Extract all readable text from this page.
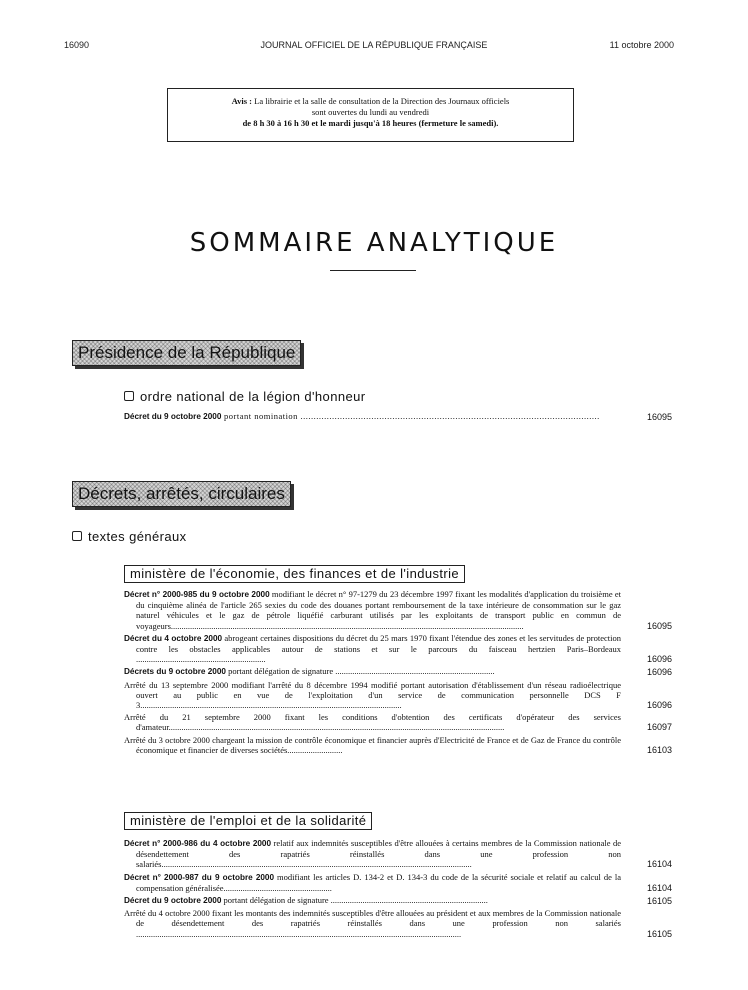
16090	JOURNAL OFFICIEL DE LA RÉPUBLIQUE FRANÇAISE	11 octobre 2000
Avis : La librairie et la salle de consultation de la Direction des Journaux officiels
sont ouvertes du lundi au vendredi
de 8 h 30 à 16 h 30 et le mardi jusqu'à 18 heures (fermeture le samedi).
SOMMAIRE ANALYTIQUE
Présidence de la République
ordre national de la légion d'honneur
Décret du 9 octobre 2000 portant nomination ..................................................................................................................	16095
Décrets, arrêtés, circulaires
textes généraux
ministère de l'économie, des finances et de l'industrie
Décret n° 2000-985 du 9 octobre 2000 modifiant le décret n° 97-1279 du 23 décembre 1997 fixant les modalités d'application du troisième et du cinquième alinéa de l'article 265 sexies du code des douanes portant remboursement de la taxe intérieure de consommation sur le gaz naturel véhicules et le gaz de pétrole liquéfié carburant utilisés par les exploitants de transport public en commun de voyageurs......................................................................................................................................................................	16095
Décret du 4 octobre 2000 abrogeant certaines dispositions du décret du 25 mars 1970 fixant l'étendue des zones et les servitudes de protection contre les obstacles applicables autour de stations et sur le parcours du faisceau hertzien Paris–Bordeaux .............................................................	16096
Décrets du 9 octobre 2000 portant délégation de signature ...........................................................................	16096
Arrêté du 13 septembre 2000 modifiant l'arrêté du 8 décembre 1994 modifié portant autorisation d'établissement d'un réseau radioélectrique ouvert au public en vue de l'exploitation d'un service de communication personnelle DCS F 3...........................................................................................................................	16096
Arrêté du 21 septembre 2000 fixant les conditions d'obtention des certificats d'opérateur des services d'amateur..............................................................................................................................................................	16097
Arrêté du 3 octobre 2000 chargeant la mission de contrôle économique et financier auprès d'Electricité de France et de Gaz de France du contrôle économique et financier de diverses sociétés..........................	16103
ministère de l'emploi et de la solidarité
Décret n° 2000-986 du 4 octobre 2000 relatif aux indemnités susceptibles d'être allouées à certains membres de la Commission nationale de désendettement des rapatriés réinstallés dans une profession non salariés..................................................................................................................................................	16104
Décret n° 2000-987 du 9 octobre 2000 modifiant les articles D. 134-2 et D. 134-3 du code de la sécurité sociale et relatif au calcul de la compensation généralisée...................................................	16104
Décret du 9 octobre 2000 portant délégation de signature ..........................................................................	16105
Arrêté du 4 octobre 2000 fixant les montants des indemnités susceptibles d'être allouées au président et aux membres de la Commission nationale de désendettement des rapatriés réinstallés dans une profession non salariés .........................................................................................................................................................	16105
